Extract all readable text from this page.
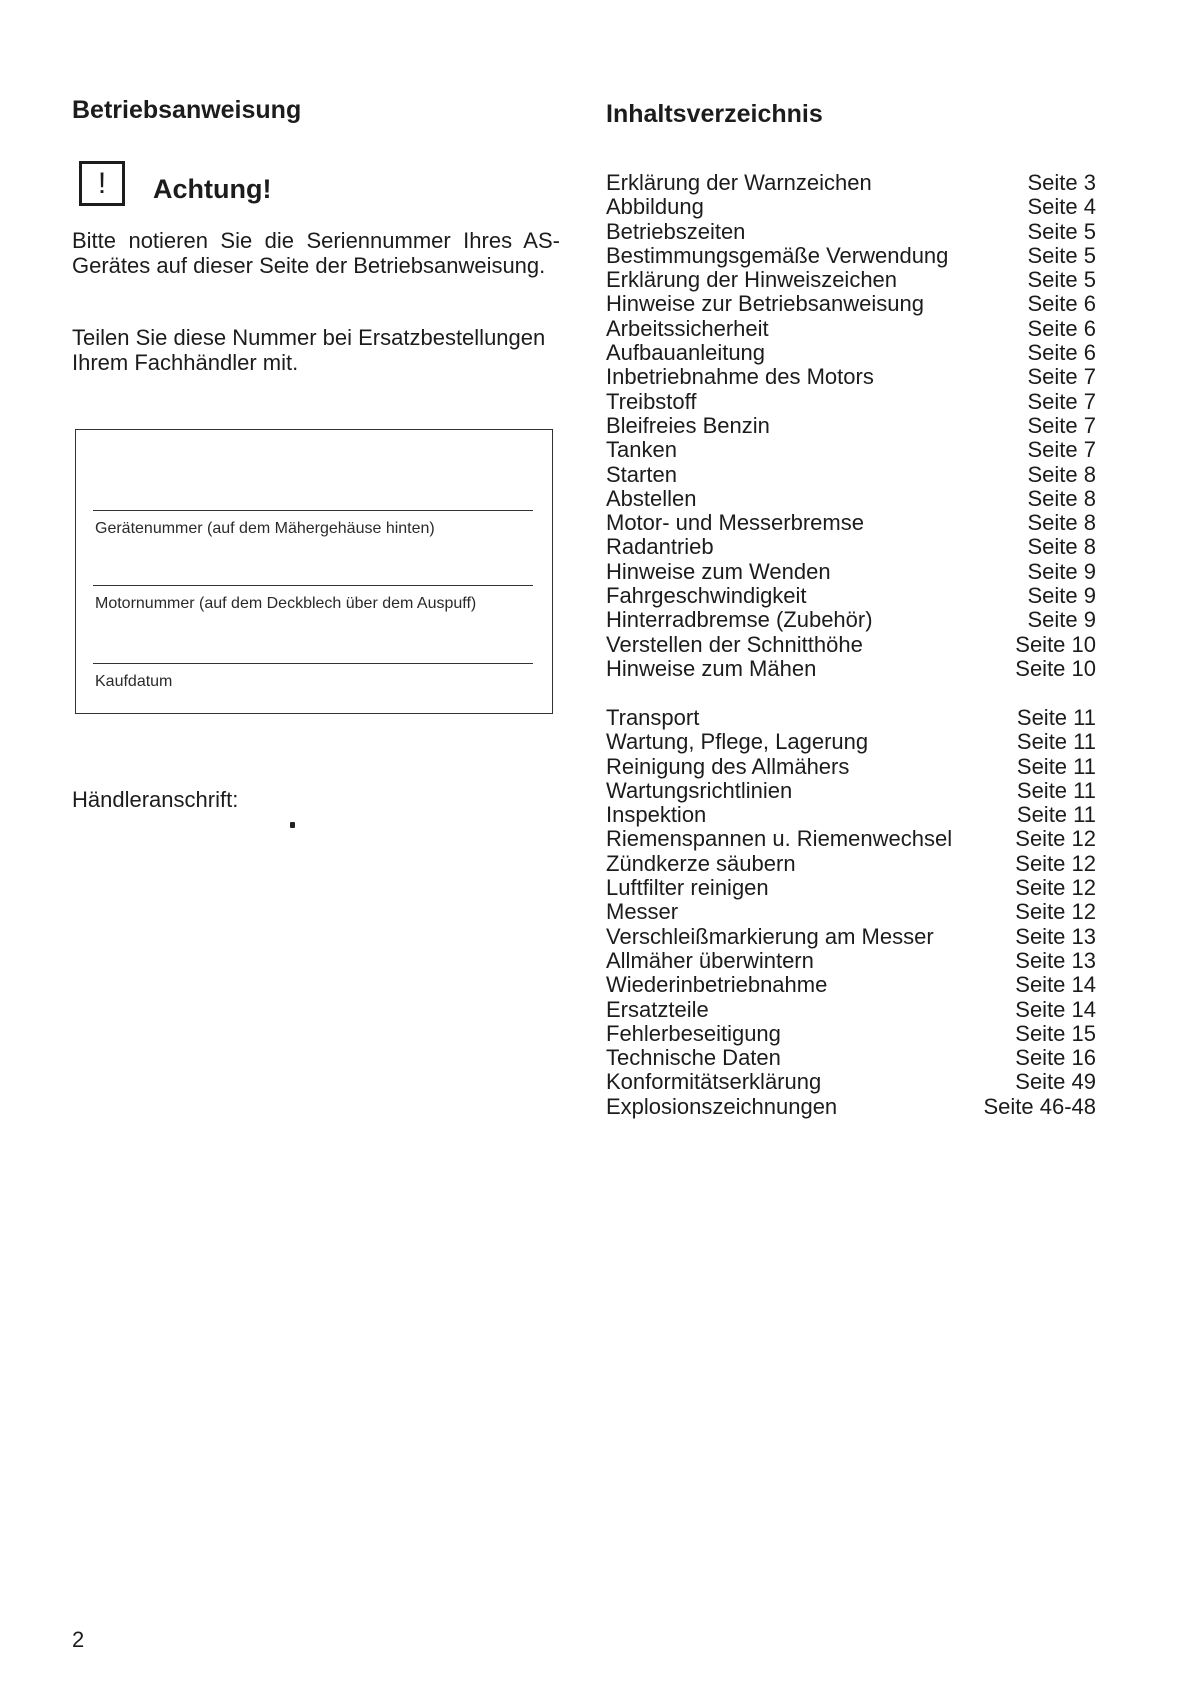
Betriebsanweisung	Inhaltsverzeichnis
! Achtung!
Bitte notieren Sie die Seriennummer Ihres AS-Gerätes auf dieser Seite der Betriebsanweisung.
Teilen Sie diese Nummer bei Ersatzbestellungen Ihrem Fachhändler mit.
Gerätenummer (auf dem Mähergehäuse hinten)
Motornummer (auf dem Deckblech über dem Auspuff)
Kaufdatum
Händleranschrift:
Erklärung der Warnzeichen	Seite 3
Abbildung	Seite 4
Betriebszeiten	Seite 5
Bestimmungsgemäße Verwendung	Seite 5
Erklärung der Hinweiszeichen	Seite 5
Hinweise zur Betriebsanweisung	Seite 6
Arbeitssicherheit	Seite 6
Aufbauanleitung	Seite 6
Inbetriebnahme des Motors	Seite 7
Treibstoff	Seite 7
Bleifreies Benzin	Seite 7
Tanken	Seite 7
Starten	Seite 8
Abstellen	Seite 8
Motor- und Messerbremse	Seite 8
Radantrieb	Seite 8
Hinweise zum Wenden	Seite 9
Fahrgeschwindigkeit	Seite 9
Hinterradbremse (Zubehör)	Seite 9
Verstellen der Schnitthöhe	Seite 10
Hinweise zum Mähen	Seite 10
Transport	Seite 11
Wartung, Pflege, Lagerung	Seite 11
Reinigung des Allmähers	Seite 11
Wartungsrichtlinien	Seite 11
Inspektion	Seite 11
Riemenspannen u. Riemenwechsel	Seite 12
Zündkerze säubern	Seite 12
Luftfilter reinigen	Seite 12
Messer	Seite 12
Verschleißmarkierung am Messer	Seite 13
Allmäher überwintern	Seite 13
Wiederinbetriebnahme	Seite 14
Ersatzteile	Seite 14
Fehlerbeseitigung	Seite 15
Technische Daten	Seite 16
Konformitätserklärung	Seite 49
Explosionszeichnungen	Seite 46-48
2
